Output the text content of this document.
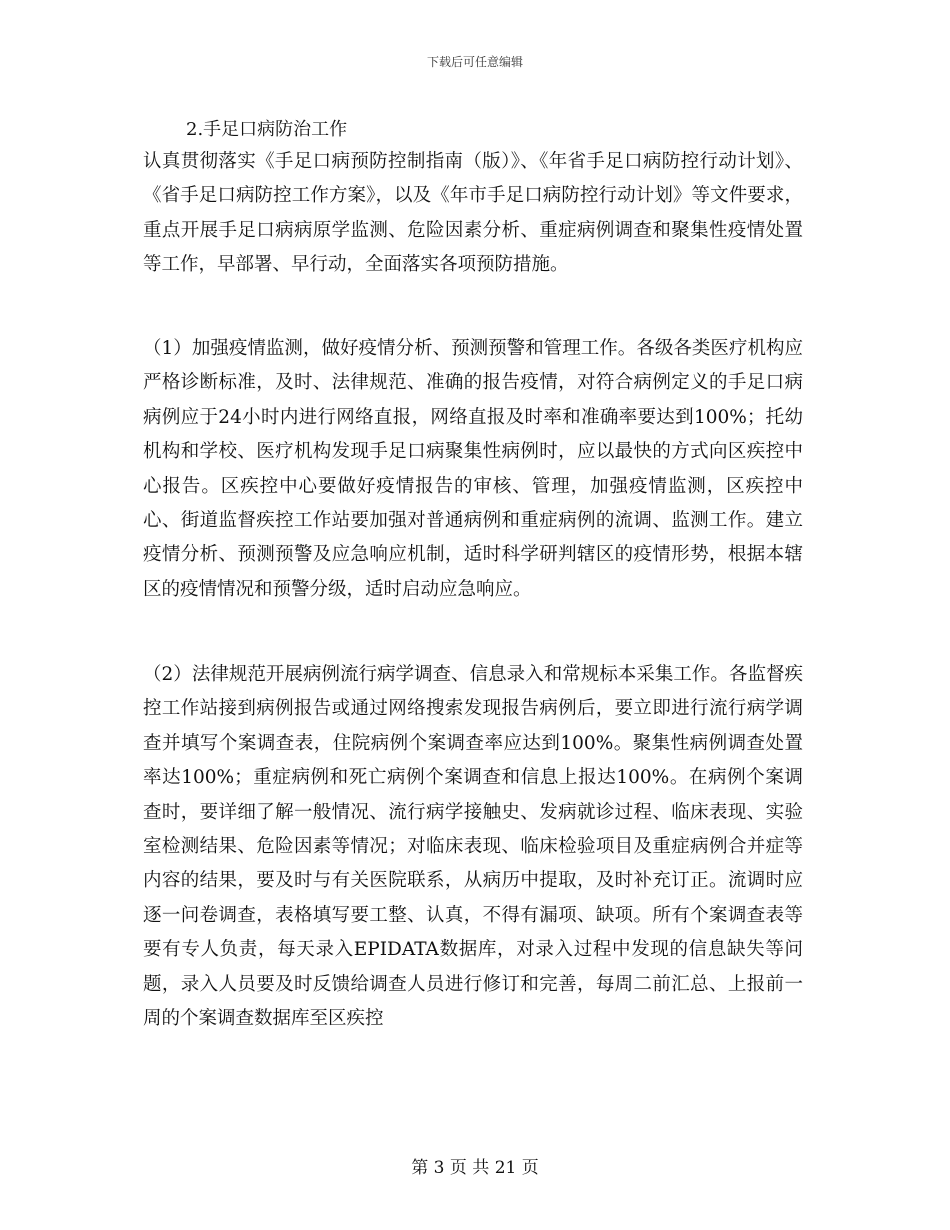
下载后可任意编辑
2.手足口病防治工作
认真贯彻落实《手足口病预防控制指南（版）》、《年省手足口病防控行动计划》、《省手足口病防控工作方案》，以及《年市手足口病防控行动计划》等文件要求，重点开展手足口病病原学监测、危险因素分析、重症病例调查和聚集性疫情处置等工作，早部署、早行动，全面落实各项预防措施。
（1）加强疫情监测，做好疫情分析、预测预警和管理工作。各级各类医疗机构应严格诊断标准，及时、法律规范、准确的报告疫情，对符合病例定义的手足口病病例应于24小时内进行网络直报，网络直报及时率和准确率要达到100%；托幼机构和学校、医疗机构发现手足口病聚集性病例时，应以最快的方式向区疾控中心报告。区疾控中心要做好疫情报告的审核、管理，加强疫情监测，区疾控中心、街道监督疾控工作站要加强对普通病例和重症病例的流调、监测工作。建立疫情分析、预测预警及应急响应机制，适时科学研判辖区的疫情形势，根据本辖区的疫情情况和预警分级，适时启动应急响应。
（2）法律规范开展病例流行病学调查、信息录入和常规标本采集工作。各监督疾控工作站接到病例报告或通过网络搜索发现报告病例后，要立即进行流行病学调查并填写个案调查表，住院病例个案调查率应达到100%。聚集性病例调查处置率达100%；重症病例和死亡病例个案调查和信息上报达100%。在病例个案调查时，要详细了解一般情况、流行病学接触史、发病就诊过程、临床表现、实验室检测结果、危险因素等情况；对临床表现、临床检验项目及重症病例合并症等内容的结果，要及时与有关医院联系，从病历中提取，及时补充订正。流调时应逐一问卷调查，表格填写要工整、认真，不得有漏项、缺项。所有个案调查表等要有专人负责，每天录入EPIDATA数据库，对录入过程中发现的信息缺失等问题，录入人员要及时反馈给调查人员进行修订和完善，每周二前汇总、上报前一周的个案调查数据库至区疾控
第 3 页 共 21 页
